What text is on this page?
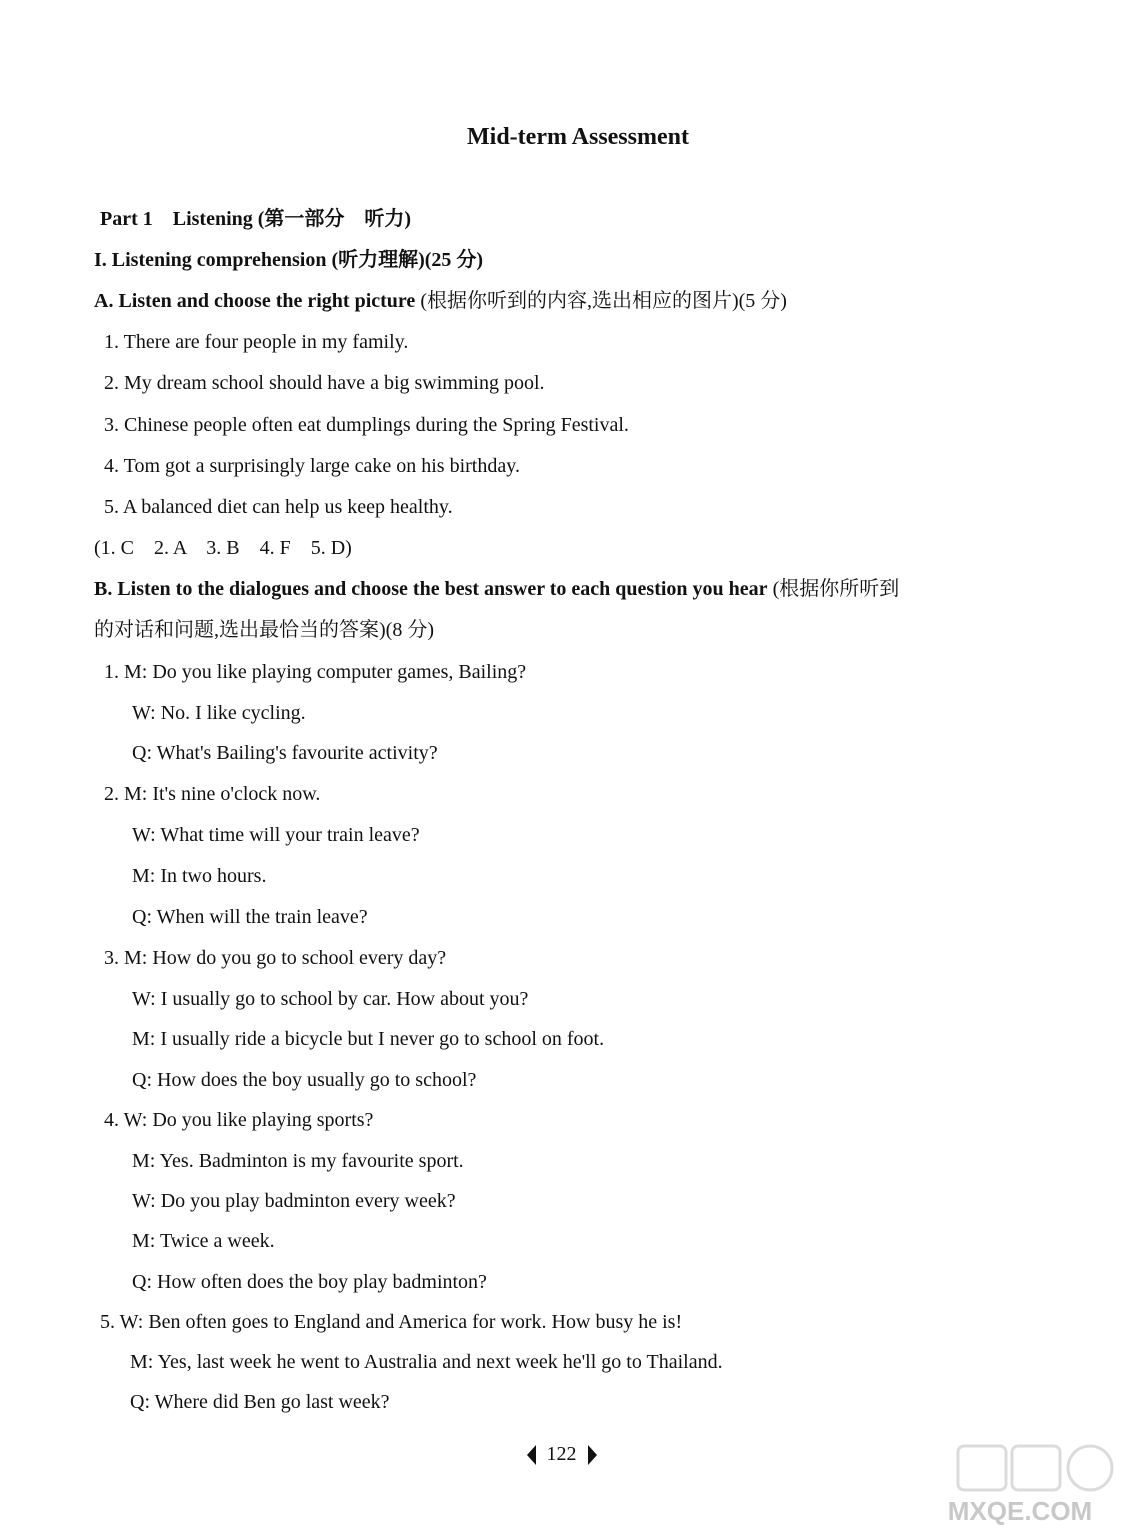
Mid-term Assessment
Part 1　Listening (第一部分　听力)
I. Listening comprehension (听力理解)(25 分)
A. Listen and choose the right picture (根据你听到的内容,选出相应的图片)(5 分)
1. There are four people in my family.
2. My dream school should have a big swimming pool.
3. Chinese people often eat dumplings during the Spring Festival.
4. Tom got a surprisingly large cake on his birthday.
5. A balanced diet can help us keep healthy.
(1. C　2. A　3. B　4. F　5. D)
B. Listen to the dialogues and choose the best answer to each question you hear (根据你所听到
的对话和问题,选出最恰当的答案)(8 分)
1. M: Do you like playing computer games, Bailing?
W: No. I like cycling.
Q: What's Bailing's favourite activity?
2. M: It's nine o'clock now.
W: What time will your train leave?
M: In two hours.
Q: When will the train leave?
3. M: How do you go to school every day?
W: I usually go to school by car. How about you?
M: I usually ride a bicycle but I never go to school on foot.
Q: How does the boy usually go to school?
4. W: Do you like playing sports?
M: Yes. Badminton is my favourite sport.
W: Do you play badminton every week?
M: Twice a week.
Q: How often does the boy play badminton?
5. W: Ben often goes to England and America for work. How busy he is!
M: Yes, last week he went to Australia and next week he'll go to Thailand.
Q: Where did Ben go last week?
122
MXQE.COM
